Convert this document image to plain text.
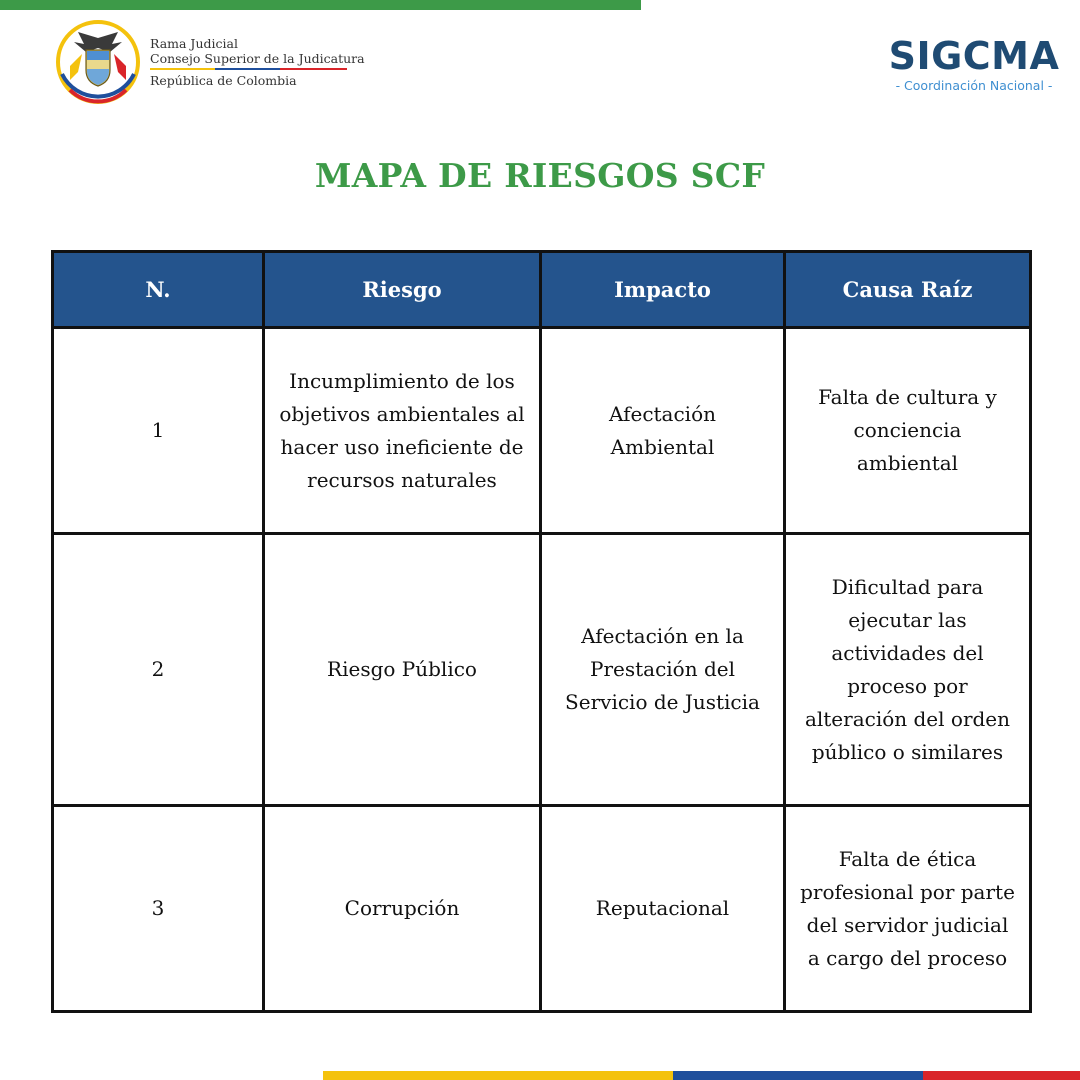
Rama Judicial
Consejo Superior de la Judicatura
República de Colombia
SIGCMA
- Coordinación Nacional -
MAPA DE RIESGOS SCF
N.	Riesgo	Impacto	Causa Raíz
1	Incumplimiento de los objetivos ambientales al hacer uso ineficiente de recursos naturales	Afectación Ambiental	Falta de cultura y conciencia ambiental
2	Riesgo Público	Afectación en la Prestación del Servicio de Justicia	Dificultad para ejecutar las actividades del proceso por alteración del orden público o similares
3	Corrupción	Reputacional	Falta de ética profesional por parte del servidor judicial a cargo del proceso
